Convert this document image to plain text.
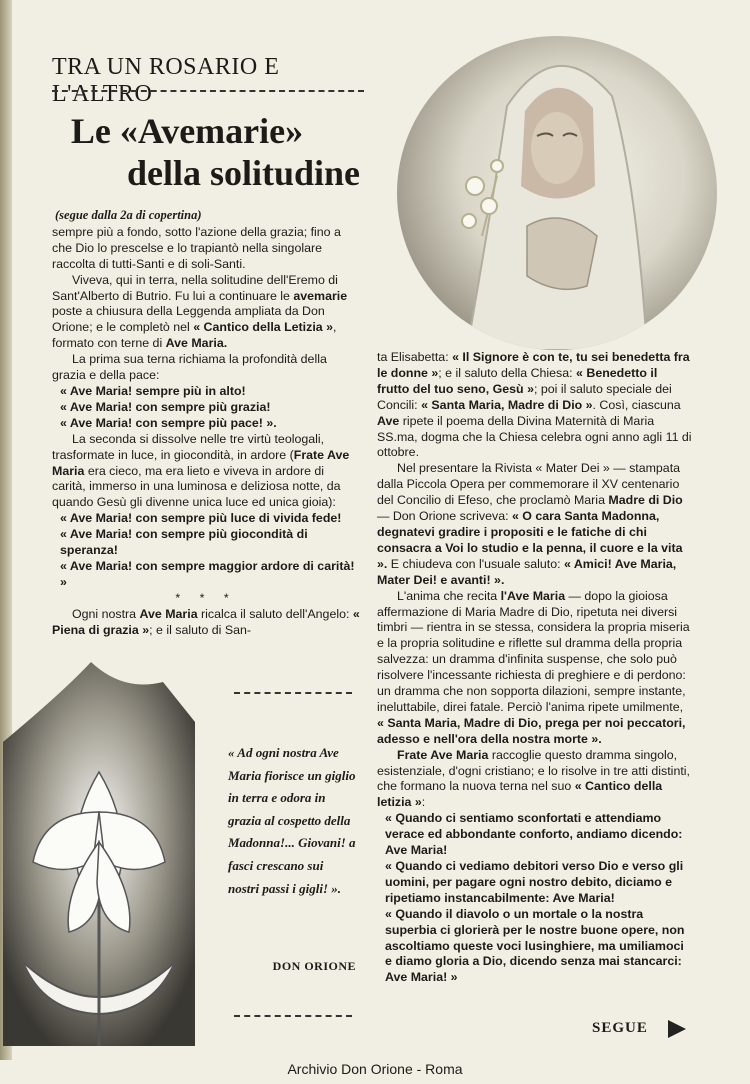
TRA UN ROSARIO E L'ALTRO
Le «Avemarie»
della solitudine

(segue dalla 2a di copertina)

sempre più a fondo, sotto l'azione della grazia; fino a che Dio lo prescelse e lo trapiantò nella singolare raccolta di tutti-Santi e di soli-Santi.

Viveva, qui in terra, nella solitudine dell'Eremo di Sant'Alberto di Butrio. Fu lui a continuare le avemarie poste a chiusura della Leggenda ampliata da Don Orione; e le completò nel « Cantico della Letizia », formato con terne di Ave Maria.

La prima sua terna richiama la profondità della grazia e della pace:

« Ave Maria! sempre più in alto!

« Ave Maria! con sempre più grazia!

« Ave Maria! con sempre più pace! ».

La seconda si dissolve nelle tre virtù teologali, trasformate in luce, in giocondità, in ardore (Frate Ave Maria era cieco, ma era lieto e viveva in ardore di carità, immerso in una luminosa e deliziosa notte, da quando Gesù gli divenne unica luce ed unica gioia):

« Ave Maria! con sempre più luce di vivida fede!

« Ave Maria! con sempre più giocondità di speranza!

« Ave Maria! con sempre maggior ardore di carità! »

* * *

Ogni nostra Ave Maria ricalca il saluto dell'Angelo: « Piena di grazia »; e il saluto di San-

« Ad ogni nostra Ave Maria fiorisce un giglio in terra e odora in grazia al cospetto della Madonna!... Giovani! a fasci crescano sui nostri passi i gigli! ».
DON ORIONE

ta Elisabetta: « Il Signore è con te, tu sei benedetta fra le donne »; e il saluto della Chiesa: « Benedetto il frutto del tuo seno, Gesù »; poi il saluto speciale dei Concili: « Santa Maria, Madre di Dio ». Così, ciascuna Ave ripete il poema della Divina Maternità di Maria SS.ma, dogma che la Chiesa celebra ogni anno agli 11 di ottobre.

Nel presentare la Rivista « Mater Dei » — stampata dalla Piccola Opera per commemorare il XV centenario del Concilio di Efeso, che proclamò Maria Madre di Dio — Don Orione scriveva: « O cara Santa Madonna, degnatevi gradire i propositi e le fatiche di chi consacra a Voi lo studio e la penna, il cuore e la vita ». E chiudeva con l'usuale saluto: « Amici! Ave Maria, Mater Dei! e avanti! ».

L'anima che recita l'Ave Maria — dopo la gioiosa affermazione di Maria Madre di Dio, ripetuta nei diversi timbri — rientra in se stessa, considera la propria miseria e la propria solitudine e riflette sul dramma della propria salvezza: un dramma d'infinita suspense, che solo può risolvere l'incessante richiesta di preghiere e di perdono: un dramma che non sopporta dilazioni, sempre instante, ineluttabile, direi fatale. Perciò l'anima ripete umilmente, « Santa Maria, Madre di Dio, prega per noi peccatori, adesso e nell'ora della nostra morte ».

Frate Ave Maria raccoglie questo dramma singolo, esistenziale, d'ogni cristiano; e lo risolve in tre atti distinti, che formano la nuova terna nel suo « Cantico della letizia »:

« Quando ci sentiamo sconfortati e attendiamo veracе ed abbondante conforto, andiamo dicendo: Ave Maria!

« Quando ci vediamo debitori verso Dio e verso gli uomini, per pagare ogni nostro debito, diciamo e ripetiamo instancabilmente: Ave Maria!

« Quando il diavolo o un mortale o la nostra superbia ci glorierà per le nostre buone opere, non ascoltiamo queste voci lusinghiere, ma umiliamoci e diamo gloria a Dio, dicendo senza mai stancarci: Ave Maria! »

SEGUE
Archivio Don Orione - Roma
